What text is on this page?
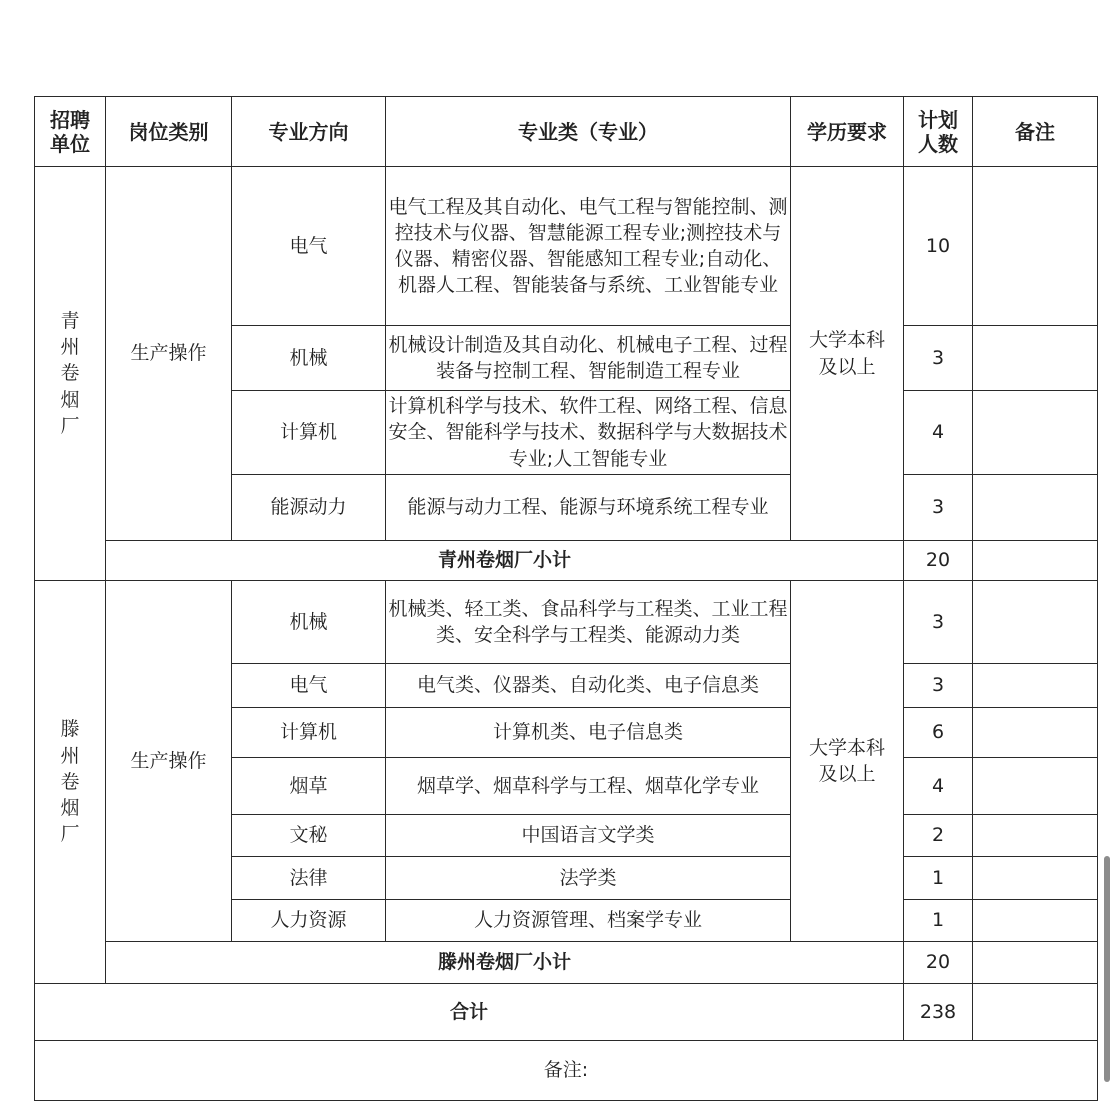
招聘单位	岗位类别	专业方向	专业类（专业）	学历要求	计划人数	备注
青州卷烟厂	生产操作	电气	电气工程及其自动化、电气工程与智能控制、测控技术与仪器、智慧能源工程专业;测控技术与仪器、精密仪器、智能感知工程专业;自动化、机器人工程、智能装备与系统、工业智能专业	大学本科及以上	10	
		机械	机械设计制造及其自动化、机械电子工程、过程装备与控制工程、智能制造工程专业		3	
		计算机	计算机科学与技术、软件工程、网络工程、信息安全、智能科学与技术、数据科学与大数据技术专业;人工智能专业		4	
		能源动力	能源与动力工程、能源与环境系统工程专业		3	
	青州卷烟厂小计				20	
滕州卷烟厂	生产操作	机械	机械类、轻工类、食品科学与工程类、工业工程类、安全科学与工程类、能源动力类	大学本科及以上	3	
		电气	电气类、仪器类、自动化类、电子信息类		3	
		计算机	计算机类、电子信息类		6	
		烟草	烟草学、烟草科学与工程、烟草化学专业		4	
		文秘	中国语言文学类		2	
		法律	法学类		1	
		人力资源	人力资源管理、档案学专业		1	
	滕州卷烟厂小计				20	
合计					238	
备注:						
